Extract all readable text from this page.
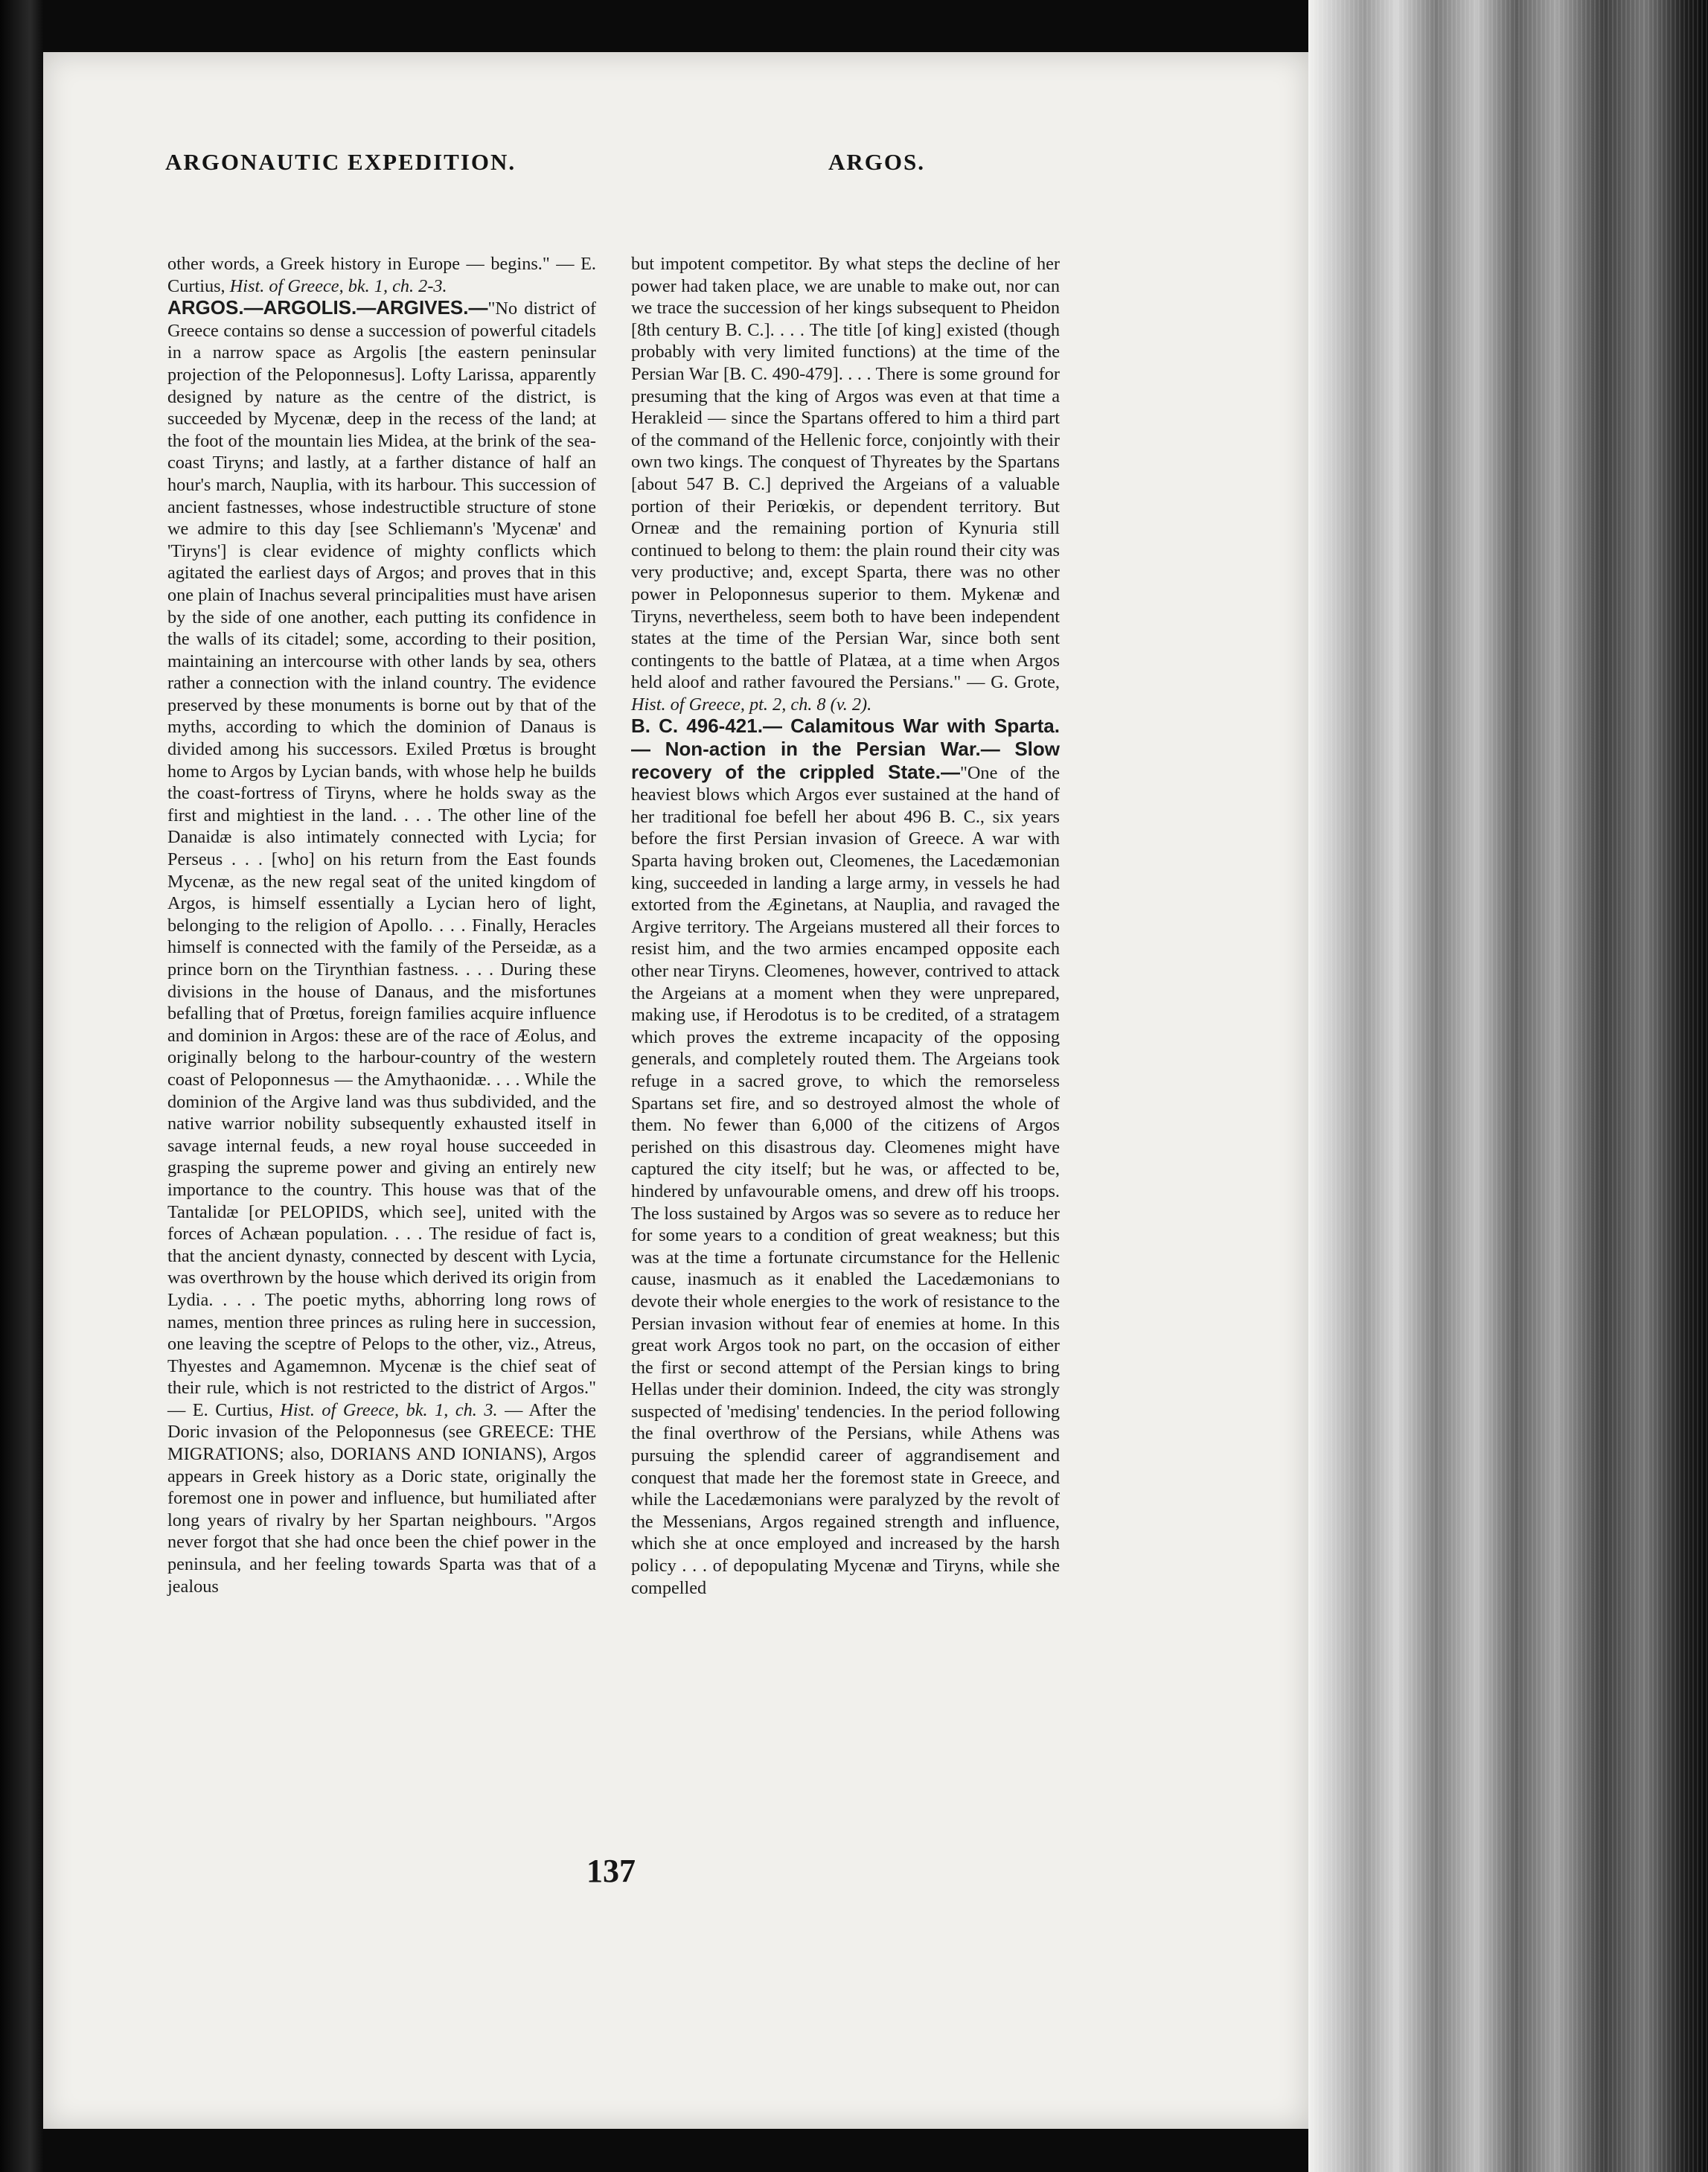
ARGONAUTIC EXPEDITION.	ARGOS.

other words, a Greek history in Europe — begins." — E. Curtius, Hist. of Greece, bk. 1, ch. 2-3.

ARGOS.—ARGOLIS.—ARGIVES.—"No district of Greece contains so dense a succession of powerful citadels in a narrow space as Argolis [the eastern peninsular projection of the Peloponnesus]. Lofty Larissa, apparently designed by nature as the centre of the district, is succeeded by Mycenæ, deep in the recess of the land; at the foot of the mountain lies Midea, at the brink of the sea-coast Tiryns; and lastly, at a farther distance of half an hour's march, Nauplia, with its harbour. This succession of ancient fastnesses, whose indestructible structure of stone we admire to this day [see Schliemann's 'Mycenæ' and 'Tiryns'] is clear evidence of mighty conflicts which agitated the earliest days of Argos; and proves that in this one plain of Inachus several principalities must have arisen by the side of one another, each putting its confidence in the walls of its citadel; some, according to their position, maintaining an intercourse with other lands by sea, others rather a connection with the inland country. The evidence preserved by these monuments is borne out by that of the myths, according to which the dominion of Danaus is divided among his successors. Exiled Prœtus is brought home to Argos by Lycian bands, with whose help he builds the coast-fortress of Tiryns, where he holds sway as the first and mightiest in the land. . . . The other line of the Danaidæ is also intimately connected with Lycia; for Perseus . . . [who] on his return from the East founds Mycenæ, as the new regal seat of the united kingdom of Argos, is himself essentially a Lycian hero of light, belonging to the religion of Apollo. . . . Finally, Heracles himself is connected with the family of the Perseidæ, as a prince born on the Tirynthian fastness. . . . During these divisions in the house of Danaus, and the misfortunes befalling that of Prœtus, foreign families acquire influence and dominion in Argos: these are of the race of Æolus, and originally belong to the harbour-country of the western coast of Peloponnesus — the Amythaonidæ. . . . While the dominion of the Argive land was thus subdivided, and the native warrior nobility subsequently exhausted itself in savage internal feuds, a new royal house succeeded in grasping the supreme power and giving an entirely new importance to the country. This house was that of the Tantalidæ [or PELOPIDS, which see], united with the forces of Achæan population. . . . The residue of fact is, that the ancient dynasty, connected by descent with Lycia, was overthrown by the house which derived its origin from Lydia. . . . The poetic myths, abhorring long rows of names, mention three princes as ruling here in succession, one leaving the sceptre of Pelops to the other, viz., Atreus, Thyestes and Agamemnon. Mycenæ is the chief seat of their rule, which is not restricted to the district of Argos." — E. Curtius, Hist. of Greece, bk. 1, ch. 3. — After the Doric invasion of the Peloponnesus (see GREECE: THE MIGRATIONS; also, DORIANS AND IONIANS), Argos appears in Greek history as a Doric state, originally the foremost one in power and influence, but humiliated after long years of rivalry by her Spartan neighbours. "Argos never forgot that she had once been the chief power in the peninsula, and her feeling towards Sparta was that of a jealous

but impotent competitor. By what steps the decline of her power had taken place, we are unable to make out, nor can we trace the succession of her kings subsequent to Pheidon [8th century B. C.]. . . . The title [of king] existed (though probably with very limited functions) at the time of the Persian War [B. C. 490-479]. . . . There is some ground for presuming that the king of Argos was even at that time a Herakleid — since the Spartans offered to him a third part of the command of the Hellenic force, conjointly with their own two kings. The conquest of Thyreates by the Spartans [about 547 B. C.] deprived the Argeians of a valuable portion of their Periœkis, or dependent territory. But Orneæ and the remaining portion of Kynuria still continued to belong to them: the plain round their city was very productive; and, except Sparta, there was no other power in Peloponnesus superior to them. Mykenæ and Tiryns, nevertheless, seem both to have been independent states at the time of the Persian War, since both sent contingents to the battle of Platæa, at a time when Argos held aloof and rather favoured the Persians." — G. Grote, Hist. of Greece, pt. 2, ch. 8 (v. 2).

B. C. 496-421.— Calamitous War with Sparta.— Non-action in the Persian War.— Slow recovery of the crippled State.—"One of the heaviest blows which Argos ever sustained at the hand of her traditional foe befell her about 496 B. C., six years before the first Persian invasion of Greece. A war with Sparta having broken out, Cleomenes, the Lacedæmonian king, succeeded in landing a large army, in vessels he had extorted from the Æginetans, at Nauplia, and ravaged the Argive territory. The Argeians mustered all their forces to resist him, and the two armies encamped opposite each other near Tiryns. Cleomenes, however, contrived to attack the Argeians at a moment when they were unprepared, making use, if Herodotus is to be credited, of a stratagem which proves the extreme incapacity of the opposing generals, and completely routed them. The Argeians took refuge in a sacred grove, to which the remorseless Spartans set fire, and so destroyed almost the whole of them. No fewer than 6,000 of the citizens of Argos perished on this disastrous day. Cleomenes might have captured the city itself; but he was, or affected to be, hindered by unfavourable omens, and drew off his troops. The loss sustained by Argos was so severe as to reduce her for some years to a condition of great weakness; but this was at the time a fortunate circumstance for the Hellenic cause, inasmuch as it enabled the Lacedæmonians to devote their whole energies to the work of resistance to the Persian invasion without fear of enemies at home. In this great work Argos took no part, on the occasion of either the first or second attempt of the Persian kings to bring Hellas under their dominion. Indeed, the city was strongly suspected of 'medising' tendencies. In the period following the final overthrow of the Persians, while Athens was pursuing the splendid career of aggrandisement and conquest that made her the foremost state in Greece, and while the Lacedæmonians were paralyzed by the revolt of the Messenians, Argos regained strength and influence, which she at once employed and increased by the harsh policy . . . of depopulating Mycenæ and Tiryns, while she compelled

137
